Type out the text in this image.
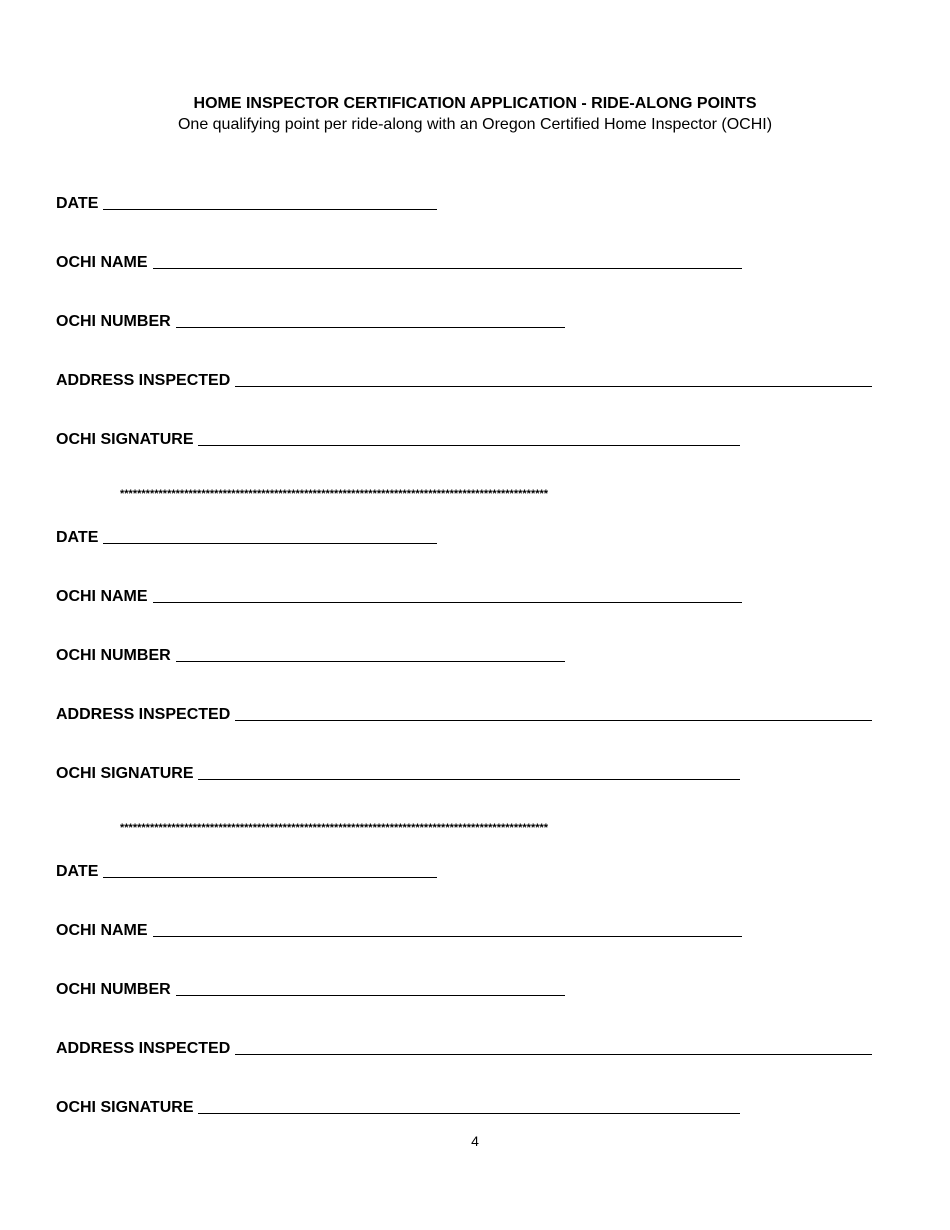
HOME INSPECTOR CERTIFICATION APPLICATION - RIDE-ALONG POINTS
One qualifying point per ride-along with an Oregon Certified Home Inspector (OCHI)
DATE
OCHI NAME
OCHI NUMBER
ADDRESS INSPECTED
OCHI SIGNATURE
****************************************************************************************************
DATE
OCHI NAME
OCHI NUMBER
ADDRESS INSPECTED
OCHI SIGNATURE
****************************************************************************************************
DATE
OCHI NAME
OCHI NUMBER
ADDRESS INSPECTED
OCHI SIGNATURE
4
